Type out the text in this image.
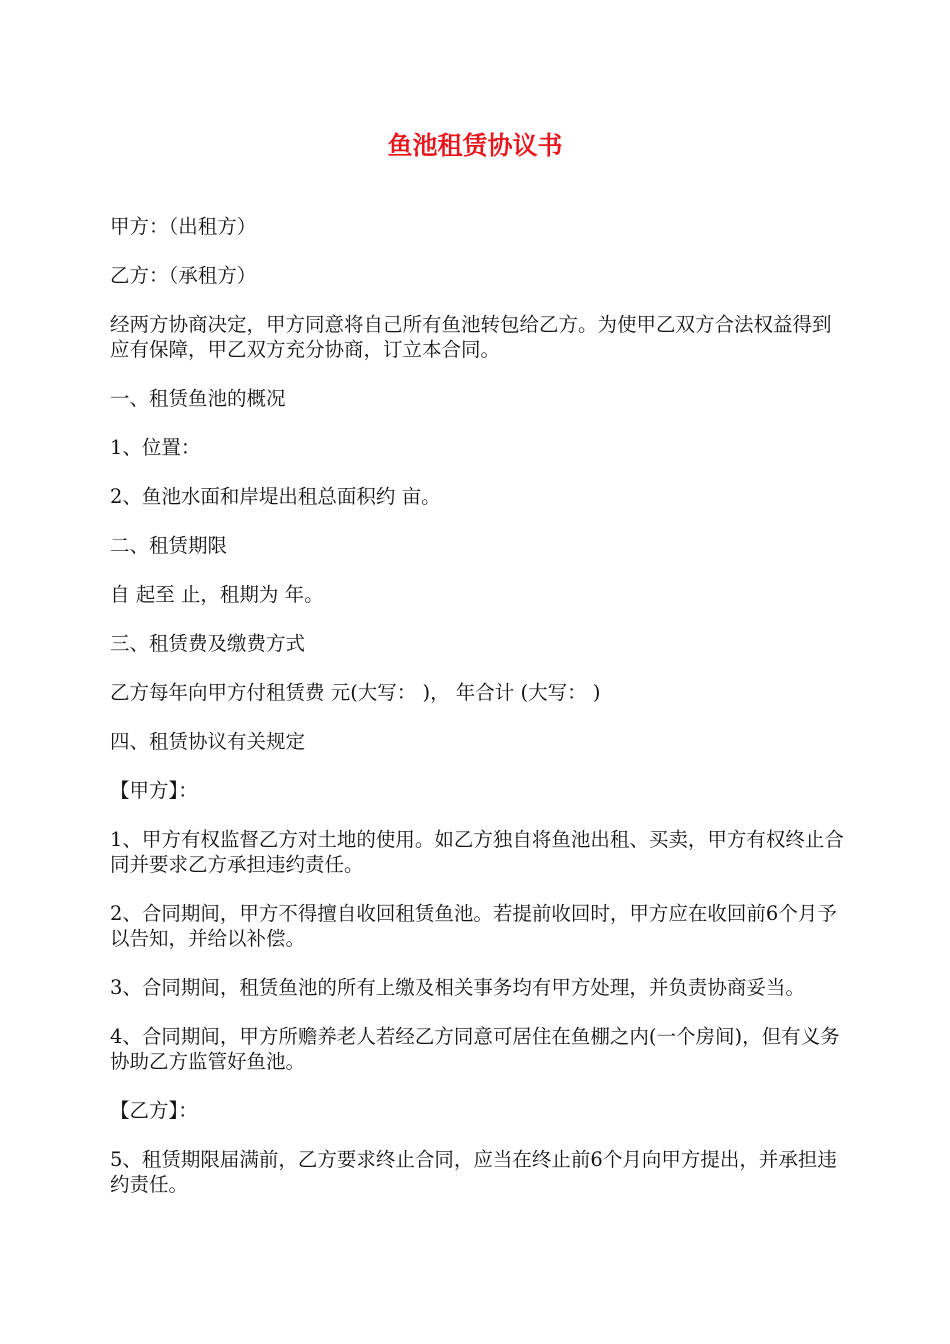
鱼池租赁协议书

甲方：（出租方）

乙方：（承租方）

经两方协商决定，甲方同意将自己所有鱼池转包给乙方。为使甲乙双方合法权益得到应有保障，甲乙双方充分协商，订立本合同。

一、租赁鱼池的概况

1、位置：

2、鱼池水面和岸堤出租总面积约 亩。

二、租赁期限

自 起至 止，租期为 年。

三、租赁费及缴费方式

乙方每年向甲方付租赁费 元(大写： )， 年合计 (大写： )

四、租赁协议有关规定

【甲方】：

1、甲方有权监督乙方对土地的使用。如乙方独自将鱼池出租、买卖，甲方有权终止合同并要求乙方承担违约责任。

2、合同期间，甲方不得擅自收回租赁鱼池。若提前收回时，甲方应在收回前6个月予以告知，并给以补偿。

3、合同期间，租赁鱼池的所有上缴及相关事务均有甲方处理，并负责协商妥当。

4、合同期间，甲方所赡养老人若经乙方同意可居住在鱼棚之内(一个房间)，但有义务协助乙方监管好鱼池。

【乙方】：

5、租赁期限届满前，乙方要求终止合同，应当在终止前6个月向甲方提出，并承担违约责任。
